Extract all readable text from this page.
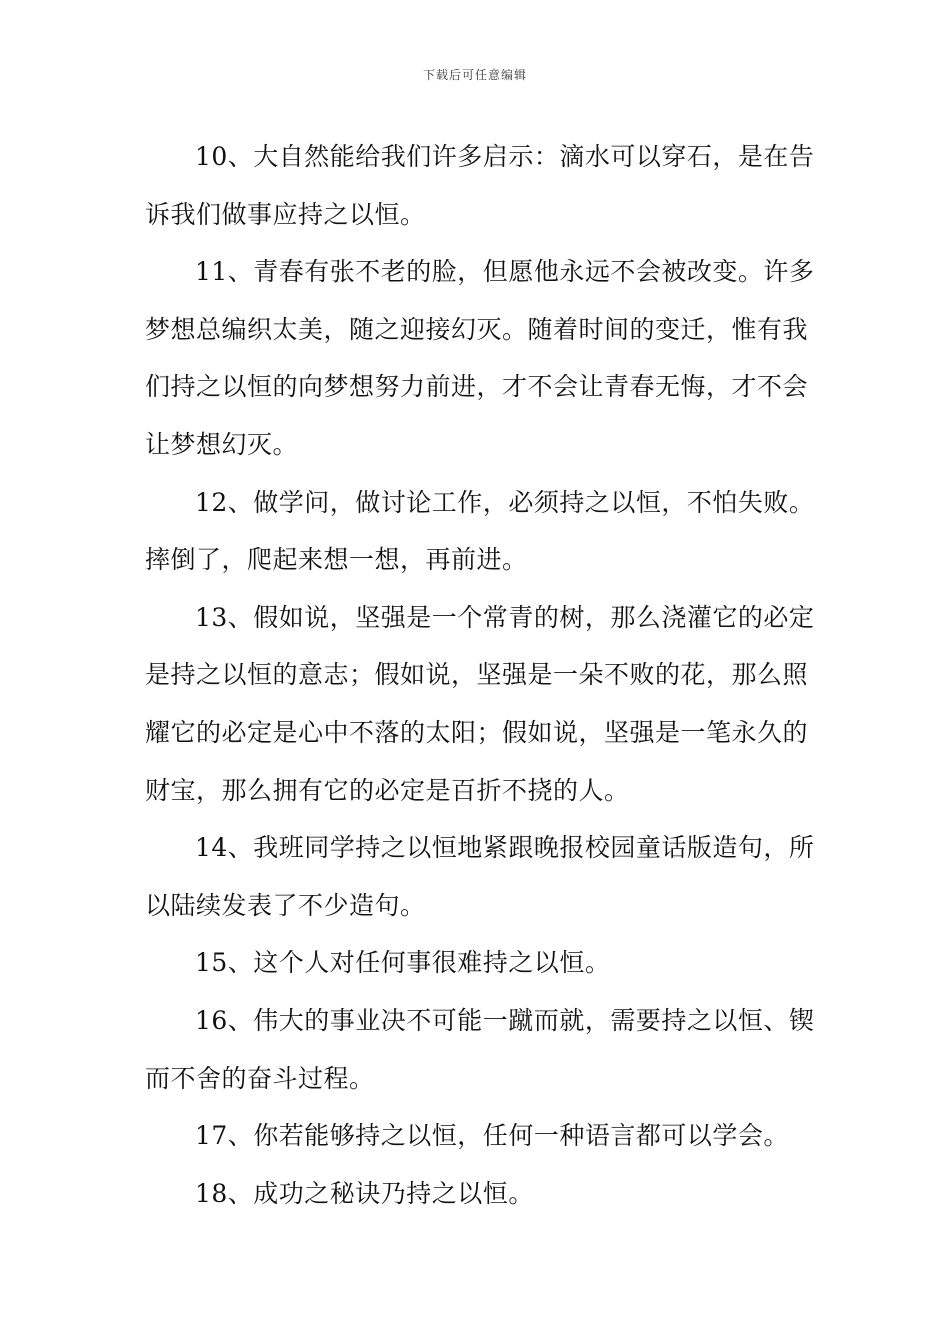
下载后可任意编辑

10、大自然能给我们许多启示：滴水可以穿石，是在告诉我们做事应持之以恒。

11、青春有张不老的脸，但愿他永远不会被改变。许多梦想总编织太美，随之迎接幻灭。随着时间的变迁，惟有我们持之以恒的向梦想努力前进，才不会让青春无悔，才不会让梦想幻灭。

12、做学问，做讨论工作，必须持之以恒，不怕失败。摔倒了，爬起来想一想，再前进。

13、假如说，坚强是一个常青的树，那么浇灌它的必定是持之以恒的意志；假如说，坚强是一朵不败的花，那么照耀它的必定是心中不落的太阳；假如说，坚强是一笔永久的财宝，那么拥有它的必定是百折不挠的人。

14、我班同学持之以恒地紧跟晚报校园童话版造句，所以陆续发表了不少造句。

15、这个人对任何事很难持之以恒。

16、伟大的事业决不可能一蹴而就，需要持之以恒、锲而不舍的奋斗过程。

17、你若能够持之以恒，任何一种语言都可以学会。

18、成功之秘诀乃持之以恒。
